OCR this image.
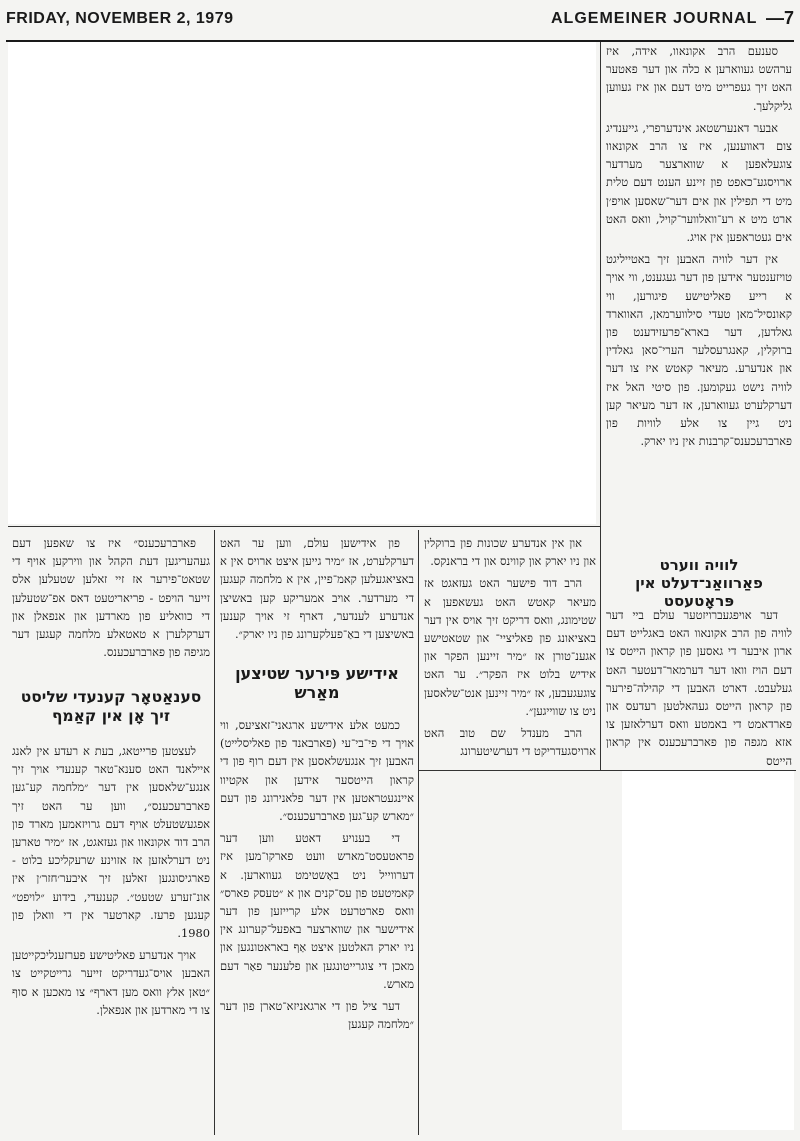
FRIDAY, NOVEMBER 2, 1979	ALGEMEINER JOURNAL —7

סענעם הרב אקונאוו, אידה, איז ערהשט געווארען א כלה און דער פאטער האט זיך געפרייט מיט דעם און איז געווען גליקלעך.

אבער דאנערשטאג אינדערפרי, גייענדיג צום דאווענען, איז צו הרב אקונאוו צוגעלאפען א שווארצער מערדער ארויסגע־כאפט פון זיינע הענט דעם טלית מיט די תפילין און אים דער־שאסען אויפ׳ן ארט מיט א רע־וואלווער־קויל, וואס האט אים געטראפען אין אויג.

אין דער לוויה האבען זיך באטייליגט טויזענטער אידען פון דער געגענט, ווי אויך א רייע פאליטישע פיגורען, ווי קאונסיל־מאן טעדי סילווערמאן, האווארד גאלדען, דער בארא־פרעזידענט פון ברוקלין, קאנגרעסלער הערי־סאן גאלדין און אנדערע. מעיאר קאטש איז צו דער לוויה נישט געקומען. פון סיטי האל איז דערקלערט געווארען, אז דער מעיאר קען ניט גיין צו אלע לוויות פון פארברעכענס־קרבנות אין ניו יארק.

לוויה ווערט פאַרוואַנ־דעלט אין פּראָטעסט

דער אויפגעברויזטער עולם ביי דער לוויה פון הרב אקונאוו האט באגלייט דעם ארון איבער די גאסען פון קראון הייטס צו דעם הויז וואו דער דערמאר־דעטער האט געלעבט. דארט האבען די קהילה־פירער פון קראון הייטס געהאלטען רעדעס און פארדאמט די באמטע וואס דערלאזען צו אזא מגפה פון פארברעכענס אין קראון הייטס

און אין אנדערע שכונות פון ברוקלין און ניו יארק און קווינס און די בראנקס.

הרב דוד פישער האט געזאגט אז מעיאר קאטש האט געשאפען א שטימונג, וואס דריקט זיך אויס אין דער באציאונג פון פאליציי־ און שטאטישע אגענ־טורן אז ״מיר זיינען הפקר און אידיש בלוט איז הפקר״. ער האט צוגעגעבען, אז ״מיר זיינען אנט־שלאסען ניט צו שווייגען״.

הרב מענדל שם טוב האט ארויסגעדריקט די דערשיטערונג

פון אידישען עולם, ווען ער האט דערקלערט, אז ״מיר גייען איצט ארויס אין א באציאגעלען קאמ־פיין, אין א מלחמה קעגען די מערדער. אויב אמעריקע קען באשיצן אנדערע לענדער, דארף זי אויך קענען באשיצען די באַ־פעלקערונג פון ניו יארק״.

אידישע פּירער שטיצען מאַרש

כמעט אלע אידישע ארגאני־זאציעס, ווי אויך די פי־בי־עי (פארבאנד פון פאליסלייט) האבען זיך אנגעשלאסען אין דעם רוף פון די קראון הייטסער אידען און אקטיוו איינגעטראטען אין דער פלאנירונג פון דעם ״מארש קע־גען פארברעכענס״.

די בענויע דאטע ווען דער פראטעסט־מארש וועט פארקו־מען איז דערווייל ניט באַשטימט געווארען. א קאמיטעט פון עס־קנים און א ״טעסק פארס״ וואס פארטרעט אלע קרייזען פון דער אידישער און שווארצער באפעל־קערונג אין ניו יארק האלטען איצט אַף באראטונגען און מאכן די צוגרייטונגען און פלענער פאַר דעם מארש.

דער ציל פון די ארגאניזא־טארן פון דער ״מלחמה קעגען

פארברעכענס״ איז צו שאפען דעם געהעריגען דעת הקהל און ווירקען אויף די שטאט־פירער אז זיי זאלען שטעלען אלס זייער הויפט - פריאריטעט דאס אפ־שטעלען די כוואליע פון מארדען און אנפאלן און דערקלערן א טאטאלע מלחמה קעגען דער מגיפה פון פארברעכענס.

סענאַטאָר קענעדי שליסט זיך אָן אין קאַמף

לעצטען פרייטאג, בעת א רעדע אין לאנג איילאנד האט סענא־טאר קענעדי אויך זיך אנגע־שלאסען אין דער ״מלחמה קע־גען פארברעכענס״, ווען ער האט זיך אפגעשטעלט אויף דעם גרויזאמען מארד פון הרב דוד אקונאוו און געזאגט, אז ״מיר טארען ניט דערלאזען אז אזוינע שרעקליכע בלוט - פארגיסונגען זאלען זיך איבער׳חזר׳ן אין אונ־זערע שטעט״. קענעדי, בידוע ״לויפט״ קעגען פרעז. קארטער אין די וואלן פון 1980.

אויך אנדערע פאליטישע פערזענליכקייטען האבען אויס־געדריקט זייער גרייטקייט צו ״טאן אלץ וואס מען דארף״ צו מאכען א סוף צו די מארדען און אנפאלן.
